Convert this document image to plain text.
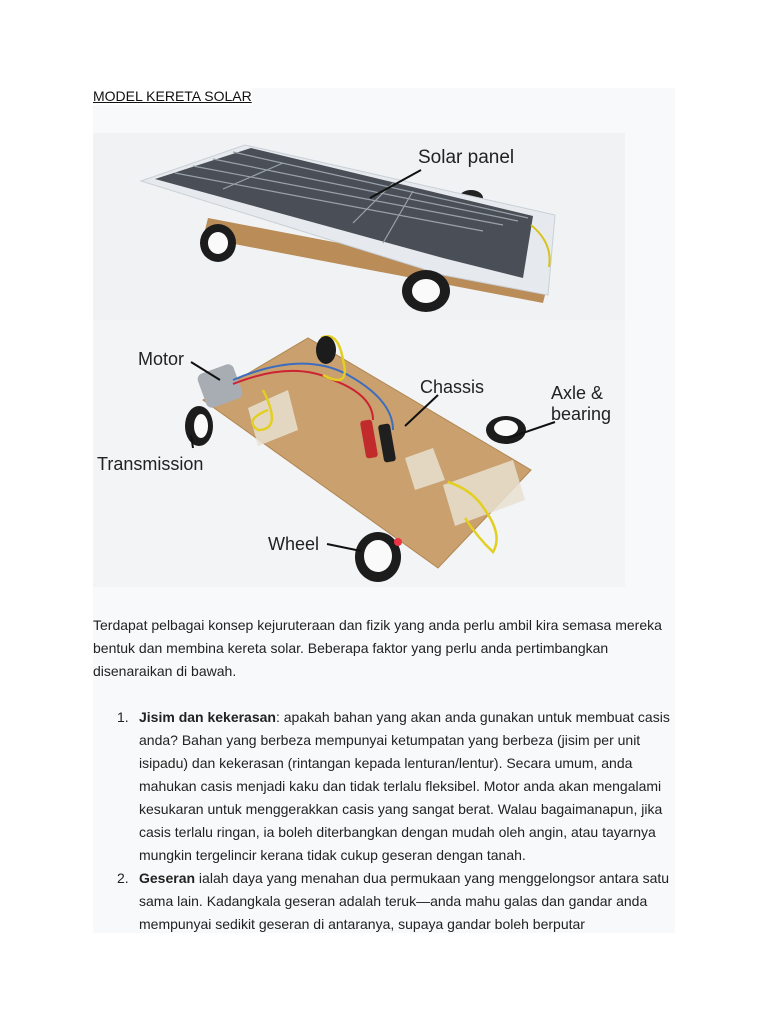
MODEL KERETA SOLAR
Solar panel
Motor
Chassis	Axle &
bearing
Transmission
Wheel
Terdapat pelbagai konsep kejuruteraan dan fizik yang anda perlu ambil kira semasa mereka bentuk dan membina kereta solar. Beberapa faktor yang perlu anda pertimbangkan disenaraikan di bawah.
1. Jisim dan kekerasan: apakah bahan yang akan anda gunakan untuk membuat casis anda? Bahan yang berbeza mempunyai ketumpatan yang berbeza (jisim per unit isipadu) dan kekerasan (rintangan kepada lenturan/lentur). Secara umum, anda mahukan casis menjadi kaku dan tidak terlalu fleksibel. Motor anda akan mengalami kesukaran untuk menggerakkan casis yang sangat berat. Walau bagaimanapun, jika casis terlalu ringan, ia boleh diterbangkan dengan mudah oleh angin, atau tayarnya mungkin tergelincir kerana tidak cukup geseran dengan tanah.
2. Geseran ialah daya yang menahan dua permukaan yang menggelongsor antara satu sama lain. Kadangkala geseran adalah teruk—anda mahu galas dan gandar anda mempunyai sedikit geseran di antaranya, supaya gandar boleh berputar
